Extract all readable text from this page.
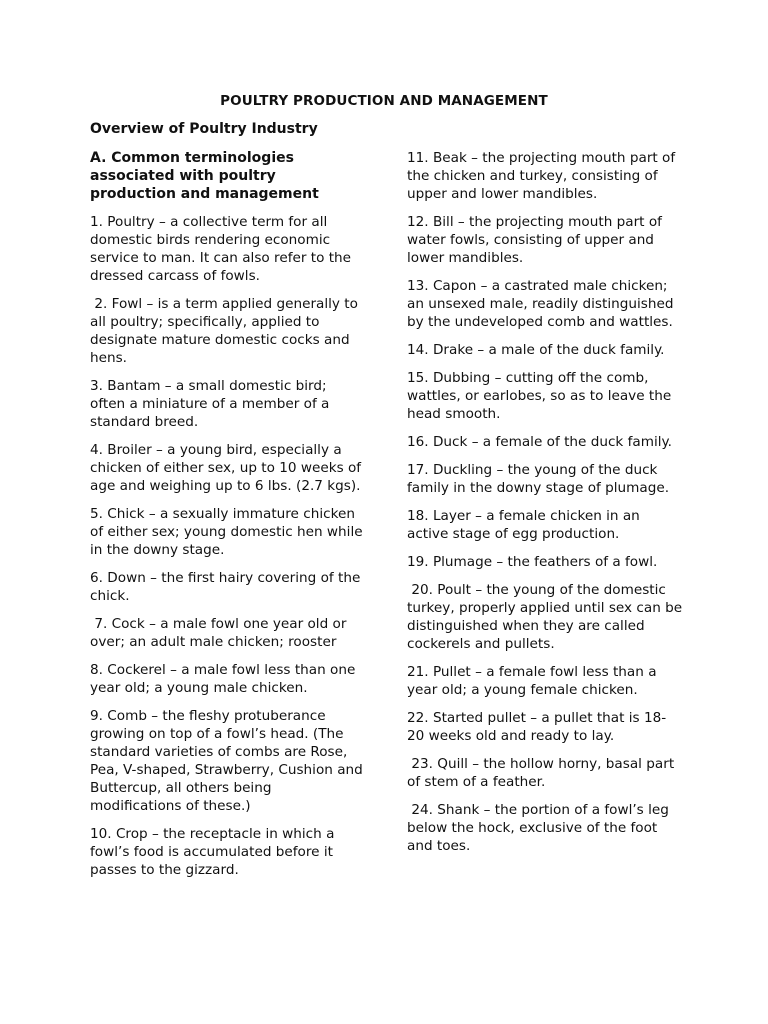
POULTRY PRODUCTION AND MANAGEMENT
Overview of Poultry Industry
A. Common terminologies associated with poultry production and management
1. Poultry – a collective term for all domestic birds rendering economic service to man. It can also refer to the dressed carcass of fowls.
2. Fowl – is a term applied generally to all poultry; specifically, applied to designate mature domestic cocks and hens.
3. Bantam – a small domestic bird; often a miniature of a member of a standard breed.
4. Broiler – a young bird, especially a chicken of either sex, up to 10 weeks of age and weighing up to 6 lbs. (2.7 kgs).
5. Chick – a sexually immature chicken of either sex; young domestic hen while in the downy stage.
6. Down – the first hairy covering of the chick.
7. Cock – a male fowl one year old or over; an adult male chicken; rooster
8. Cockerel – a male fowl less than one year old; a young male chicken.
9. Comb – the fleshy protuberance growing on top of a fowl’s head. (The standard varieties of combs are Rose, Pea, V-shaped, Strawberry, Cushion and Buttercup, all others being modifications of these.)
10. Crop – the receptacle in which a fowl’s food is accumulated before it passes to the gizzard.
11. Beak – the projecting mouth part of the chicken and turkey, consisting of upper and lower mandibles.
12. Bill – the projecting mouth part of water fowls, consisting of upper and lower mandibles.
13. Capon – a castrated male chicken; an unsexed male, readily distinguished by the undeveloped comb and wattles.
14. Drake – a male of the duck family.
15. Dubbing – cutting off the comb, wattles, or earlobes, so as to leave the head smooth.
16. Duck – a female of the duck family.
17. Duckling – the young of the duck family in the downy stage of plumage.
18. Layer – a female chicken in an active stage of egg production.
19. Plumage – the feathers of a fowl.
20. Poult – the young of the domestic turkey, properly applied until sex can be distinguished when they are called cockerels and pullets.
21. Pullet – a female fowl less than a year old; a young female chicken.
22. Started pullet – a pullet that is 18-20 weeks old and ready to lay.
23. Quill – the hollow horny, basal part of stem of a feather.
24. Shank – the portion of a fowl’s leg below the hock, exclusive of the foot and toes.
